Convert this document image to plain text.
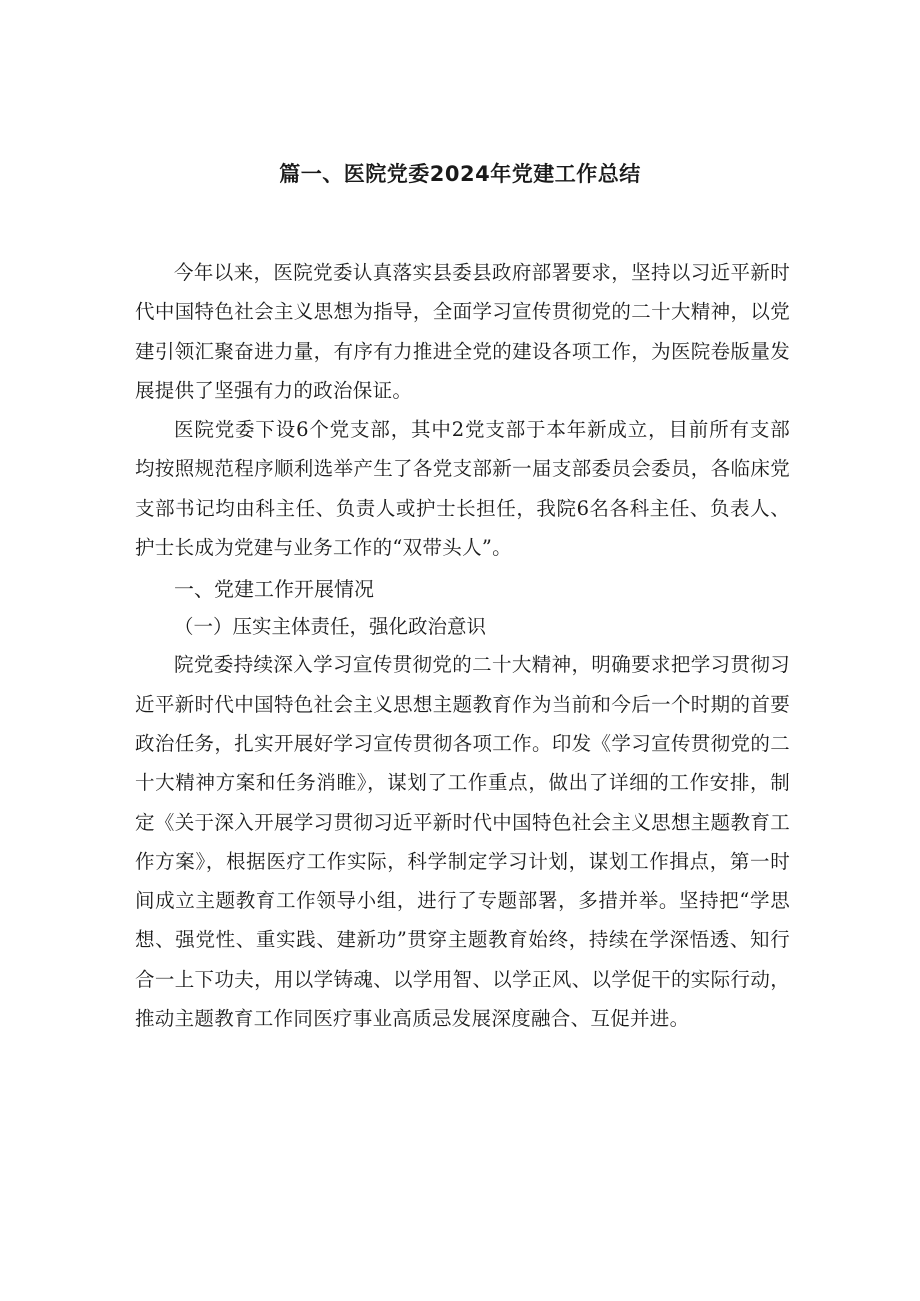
篇一、医院党委2024年党建工作总结

今年以来，医院党委认真落实县委县政府部署要求，坚持以习近平新时代中国特色社会主义思想为指导，全面学习宣传贯彻党的二十大精神，以党建引领汇聚奋进力量，有序有力推进全党的建设各项工作，为医院卷版量发展提供了坚强有力的政治保证。

医院党委下设6个党支部，其中2党支部于本年新成立，目前所有支部均按照规范程序顺利选举产生了各党支部新一届支部委员会委员，各临床党支部书记均由科主任、负责人或护士长担任，我院6名各科主任、负表人、护士长成为党建与业务工作的“双带头人”。

一、党建工作开展情况

（一）压实主体责任，强化政治意识

院党委持续深入学习宣传贯彻党的二十大精神，明确要求把学习贯彻习近平新时代中国特色社会主义思想主题教育作为当前和今后一个时期的首要政治任务，扎实开展好学习宣传贯彻各项工作。印发《学习宣传贯彻党的二十大精神方案和任务消睢》，谋划了工作重点，做出了详细的工作安排，制定《关于深入开展学习贯彻习近平新时代中国特色社会主义思想主题教育工作方案》，根据医疗工作实际，科学制定学习计划，谋划工作揖点，第一时间成立主题教育工作领导小组，进行了专题部署，多措并举。坚持把“学思想、强党性、重实践、建新功”贯穿主题教育始终，持续在学深悟透、知行合一上下功夫，用以学铸魂、以学用智、以学正风、以学促干的实际行动，推动主题教育工作同医疗事业高质忌发展深度融合、互促并进。
